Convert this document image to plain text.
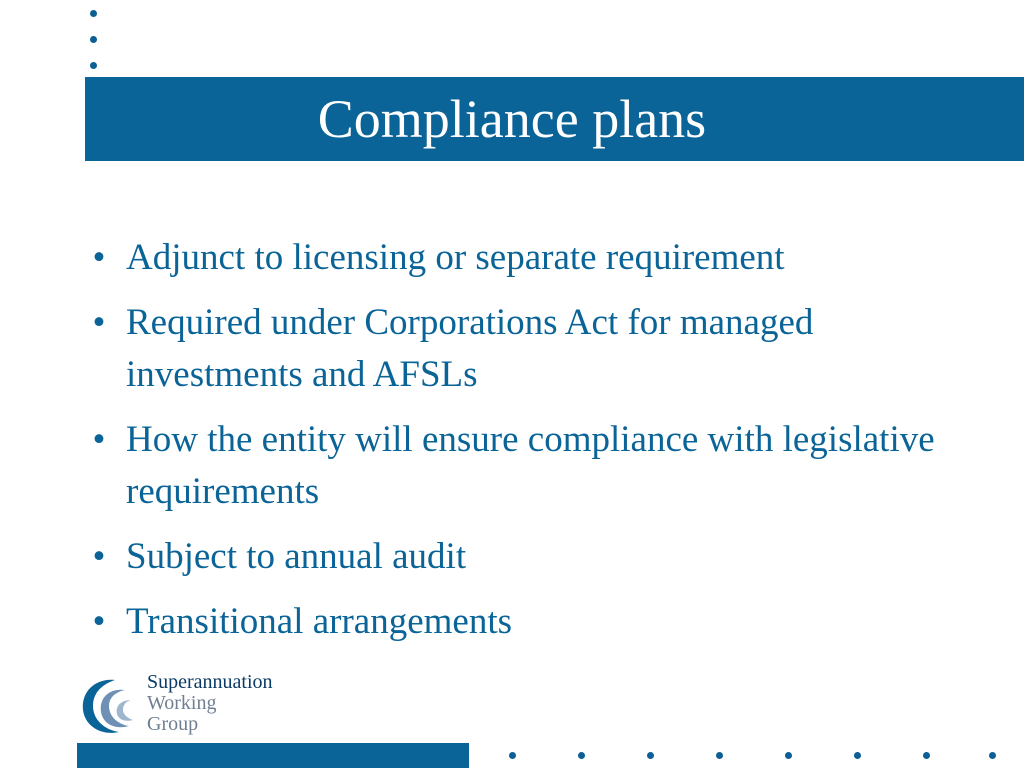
Compliance plans
• Adjunct to licensing or separate requirement
• Required under Corporations Act for managed investments and AFSLs
• How the entity will ensure compliance with legislative requirements
• Subject to annual audit
• Transitional arrangements
Superannuation
Working
Group
